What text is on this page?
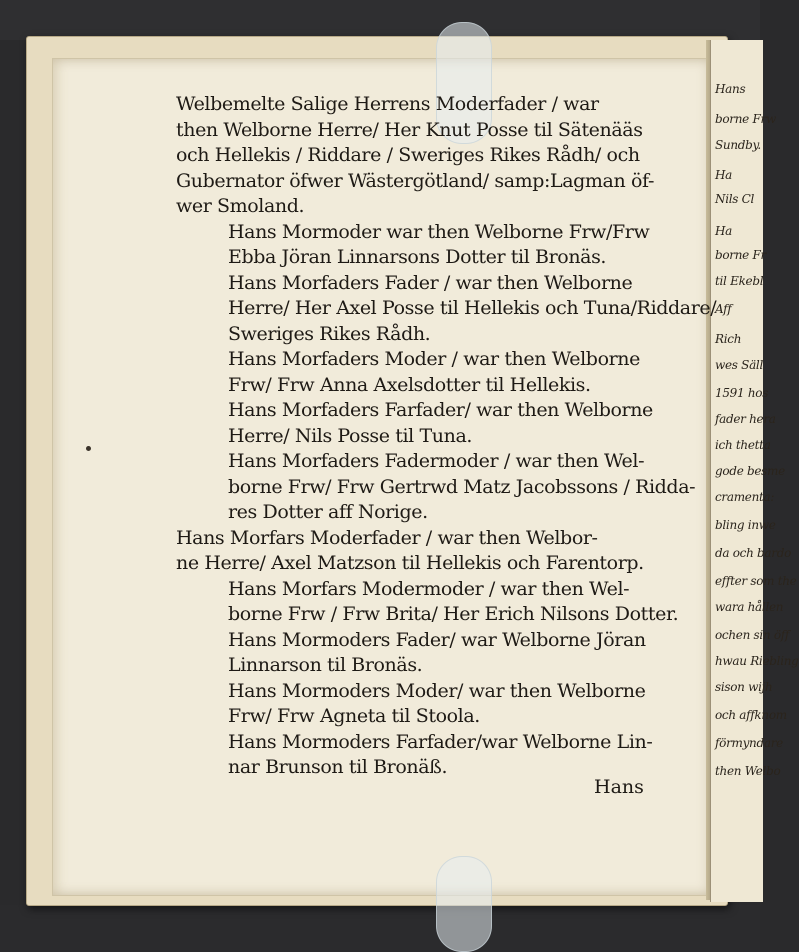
Hans
borne Frw
Sundby.
Ha
Nils Cl
Ha
borne Fr
til Ekebl
Aff
Rich
wes Säll
1591 hos
fader hera
ich thetta
gode besme
cramenta:
bling inwe
da och bardo
effter som the
wara hållen
ochen sin öff
hwau Riebling
sison wijh
och affknom
förmyndare
then Welbo
Welbemelte Salige Herrens Moderfader / war
then Welborne Herre/ Her Knut Posse til Sätenääs
och Hellekis / Riddare / Sweriges Rikes Rådh/ och
Gubernator öfwer Wästergötland/ samp:Lagman öf-
wer Smoland.
Hans Mormoder war then Welborne Frw/Frw
Ebba Jöran Linnarsons Dotter til Bronäs.
Hans Morfaders Fader / war then Welborne
Herre/ Her Axel Posse til Hellekis och Tuna/Riddare/
Sweriges Rikes Rådh.
Hans Morfaders Moder / war then Welborne
Frw/ Frw Anna Axelsdotter til Hellekis.
Hans Morfaders Farfader/ war then Welborne
Herre/ Nils Posse til Tuna.
Hans Morfaders Fadermoder / war then Wel-
borne Frw/ Frw Gertrwd Matz Jacobssons / Ridda-
res Dotter aff Norige.
Hans Morfars Moderfader / war then Welbor-
ne Herre/ Axel Matzson til Hellekis och Farentorp.
Hans Morfars Modermoder / war then Wel-
borne Frw / Frw Brita/ Her Erich Nilsons Dotter.
Hans Mormoders Fader/ war Welborne Jöran
Linnarson til Bronäs.
Hans Mormoders Moder/ war then Welborne
Frw/ Frw Agneta til Stoola.
Hans Mormoders Farfader/war Welborne Lin-
nar Brunson til Bronäß.
Hans
